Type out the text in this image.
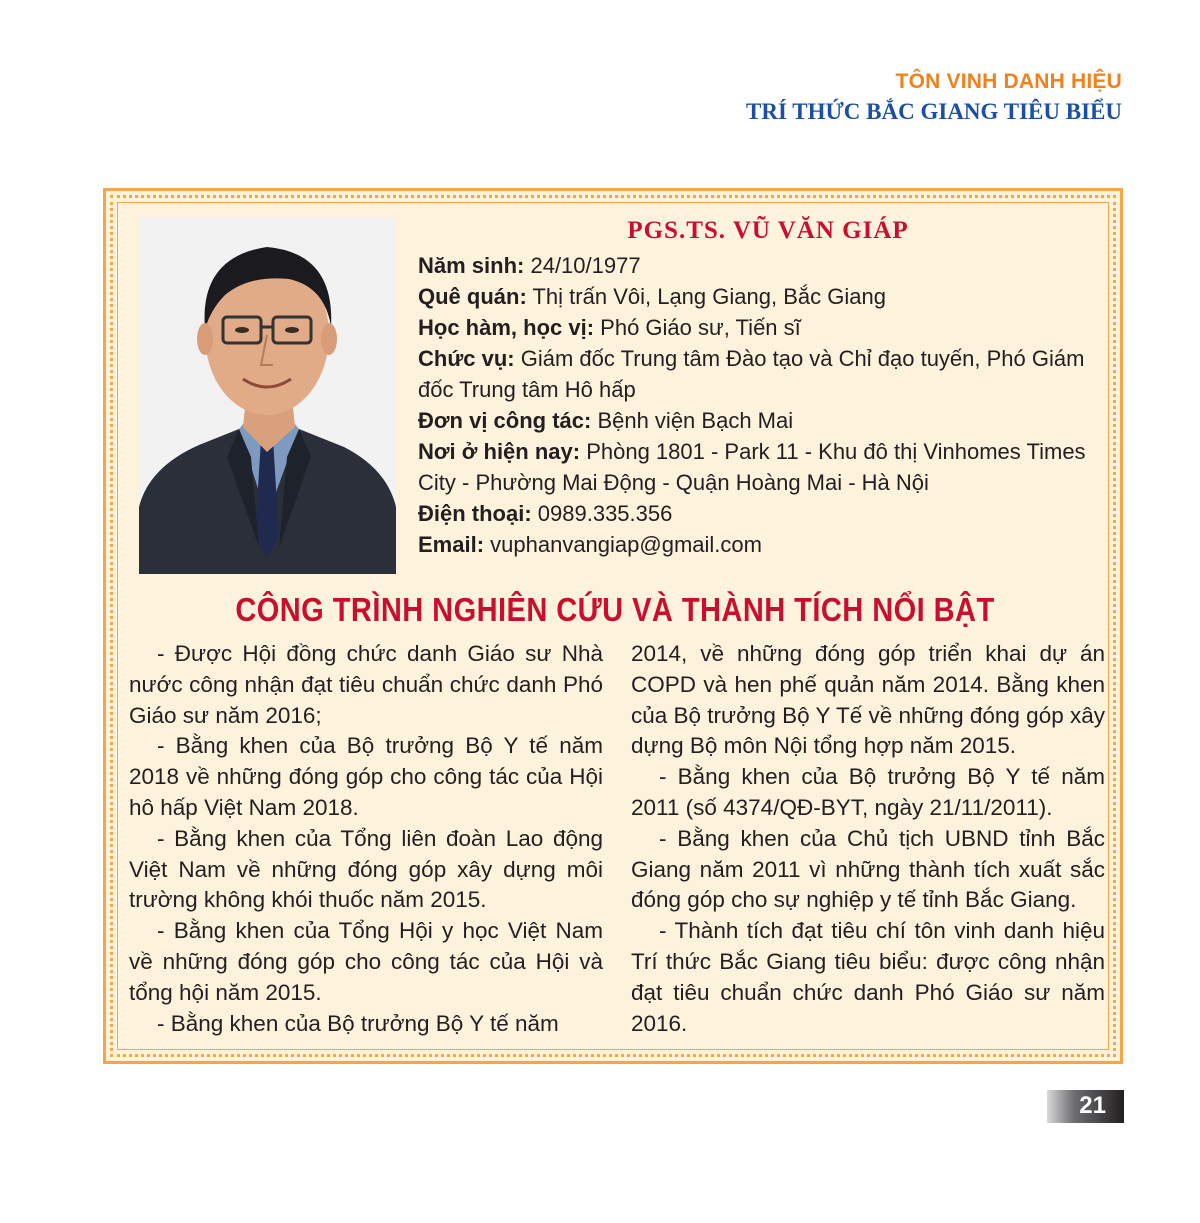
TÔN VINH DANH HIỆU
TRÍ THỨC BẮC GIANG TIÊU BIỂU
PGS.TS. VŨ VĂN GIÁP
Năm sinh: 24/10/1977
Quê quán: Thị trấn Vôi, Lạng Giang, Bắc Giang
Học hàm, học vị: Phó Giáo sư, Tiến sĩ
Chức vụ: Giám đốc Trung tâm Đào tạo và Chỉ đạo tuyến, Phó Giám đốc Trung tâm Hô hấp
Đơn vị công tác: Bệnh viện Bạch Mai
Nơi ở hiện nay: Phòng 1801 - Park 11 - Khu đô thị Vinhomes Times City - Phường Mai Động - Quận Hoàng Mai - Hà Nội
Điện thoại: 0989.335.356
Email: vuphanvangiap@gmail.com
CÔNG TRÌNH NGHIÊN CỨU VÀ THÀNH TÍCH NỔI BẬT

- Được Hội đồng chức danh Giáo sư Nhà nước công nhận đạt tiêu chuẩn chức danh Phó Giáo sư năm 2016;

- Bằng khen của Bộ trưởng Bộ Y tế năm 2018 về những đóng góp cho công tác của Hội hô hấp Việt Nam 2018.

- Bằng khen của Tổng liên đoàn Lao động Việt Nam về những đóng góp xây dựng môi trường không khói thuốc năm 2015.

- Bằng khen của Tổng Hội y học Việt Nam về những đóng góp cho công tác của Hội và tổng hội năm 2015.

- Bằng khen của Bộ trưởng Bộ Y tế năm

2014, về những đóng góp triển khai dự án COPD và hen phế quản năm 2014. Bằng khen của Bộ trưởng Bộ Y Tế về những đóng góp xây dựng Bộ môn Nội tổng hợp năm 2015.

- Bằng khen của Bộ trưởng Bộ Y tế năm 2011 (số 4374/QĐ-BYT, ngày 21/11/2011).

- Bằng khen của Chủ tịch UBND tỉnh Bắc Giang năm 2011 vì những thành tích xuất sắc đóng góp cho sự nghiệp y tế tỉnh Bắc Giang.

- Thành tích đạt tiêu chí tôn vinh danh hiệu Trí thức Bắc Giang tiêu biểu: được công nhận đạt tiêu chuẩn chức danh Phó Giáo sư năm 2016.

21
